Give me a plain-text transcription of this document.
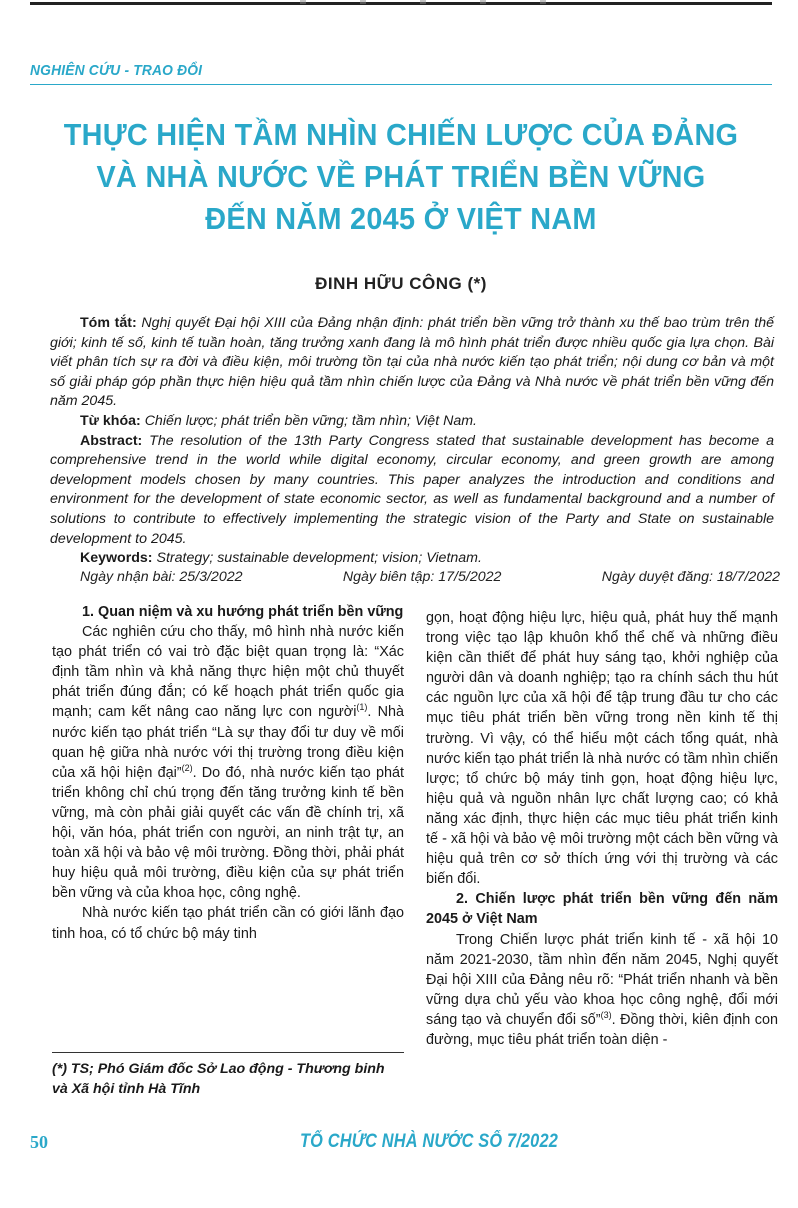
NGHIÊN CỨU - TRAO ĐỔI
THỰC HIỆN TẦM NHÌN CHIẾN LƯỢC CỦA ĐẢNG
VÀ NHÀ NƯỚC VỀ PHÁT TRIỂN BỀN VỮNG
ĐẾN NĂM 2045 Ở VIỆT NAM
ĐINH HỮU CÔNG (*)

Tóm tắt: Nghị quyết Đại hội XIII của Đảng nhận định: phát triển bền vững trở thành xu thế bao trùm trên thế giới; kinh tế số, kinh tế tuần hoàn, tăng trưởng xanh đang là mô hình phát triển được nhiều quốc gia lựa chọn. Bài viết phân tích sự ra đời và điều kiện, môi trường tồn tại của nhà nước kiến tạo phát triển; nội dung cơ bản và một số giải pháp góp phần thực hiện hiệu quả tầm nhìn chiến lược của Đảng và Nhà nước về phát triển bền vững đến năm 2045.

Từ khóa: Chiến lược; phát triển bền vững; tầm nhìn; Việt Nam.

Abstract: The resolution of the 13th Party Congress stated that sustainable development has become a comprehensive trend in the world while digital economy, circular economy, and green growth are among development models chosen by many countries. This paper analyzes the introduction and conditions and environment for the development of state economic sector, as well as fundamental background and a number of solutions to contribute to effectively implementing the strategic vision of the Party and State on sustainable development to 2045.

Keywords: Strategy; sustainable development; vision; Vietnam.

Ngày nhận bài: 25/3/2022	Ngày biên tập: 17/5/2022	Ngày duyệt đăng: 18/7/2022

1. Quan niệm và xu hướng phát triển bền vững

Các nghiên cứu cho thấy, mô hình nhà nước kiến tạo phát triển có vai trò đặc biệt quan trọng là: “Xác định tầm nhìn và khả năng thực hiện một chủ thuyết phát triển đúng đắn; có kế hoạch phát triển quốc gia mạnh; cam kết nâng cao năng lực con người$^{(1)}$. Nhà nước kiến tạo phát triển “Là sự thay đổi tư duy về mối quan hệ giữa nhà nước với thị trường trong điều kiện của xã hội hiện đại”$^{(2)}$. Do đó, nhà nước kiến tạo phát triển không chỉ chú trọng đến tăng trưởng kinh tế bền vững, mà còn phải giải quyết các vấn đề chính trị, xã hội, văn hóa, phát triển con người, an ninh trật tự, an toàn xã hội và bảo vệ môi trường. Đồng thời, phải phát huy hiệu quả môi trường, điều kiện của sự phát triển bền vững và của khoa học, công nghệ.

Nhà nước kiến tạo phát triển cần có giới lãnh đạo tinh hoa, có tổ chức bộ máy tinh

(*) TS; Phó Giám đốc Sở Lao động - Thương binh và Xã hội tỉnh Hà Tĩnh

gọn, hoạt động hiệu lực, hiệu quả, phát huy thế mạnh trong việc tạo lập khuôn khổ thể chế và những điều kiện cần thiết để phát huy sáng tạo, khởi nghiệp của người dân và doanh nghiệp; tạo ra chính sách thu hút các nguồn lực của xã hội để tập trung đầu tư cho các mục tiêu phát triển bền vững trong nền kinh tế thị trường. Vì vậy, có thể hiểu một cách tổng quát, nhà nước kiến tạo phát triển là nhà nước có tầm nhìn chiến lược; tổ chức bộ máy tinh gọn, hoạt động hiệu lực, hiệu quả và nguồn nhân lực chất lượng cao; có khả năng xác định, thực hiện các mục tiêu phát triển kinh tế - xã hội và bảo vệ môi trường một cách bền vững và hiệu quả trên cơ sở thích ứng với thị trường và các biến đổi.

2. Chiến lược phát triển bền vững đến năm 2045 ở Việt Nam

Trong Chiến lược phát triển kinh tế - xã hội 10 năm 2021-2030, tầm nhìn đến năm 2045, Nghị quyết Đại hội XIII của Đảng nêu rõ: “Phát triển nhanh và bền vững dựa chủ yếu vào khoa học công nghệ, đổi mới sáng tạo và chuyển đổi số”$^{(3)}$. Đồng thời, kiên định con đường, mục tiêu phát triển toàn diện -

50	TỔ CHỨC NHÀ NƯỚC SỐ 7/2022
